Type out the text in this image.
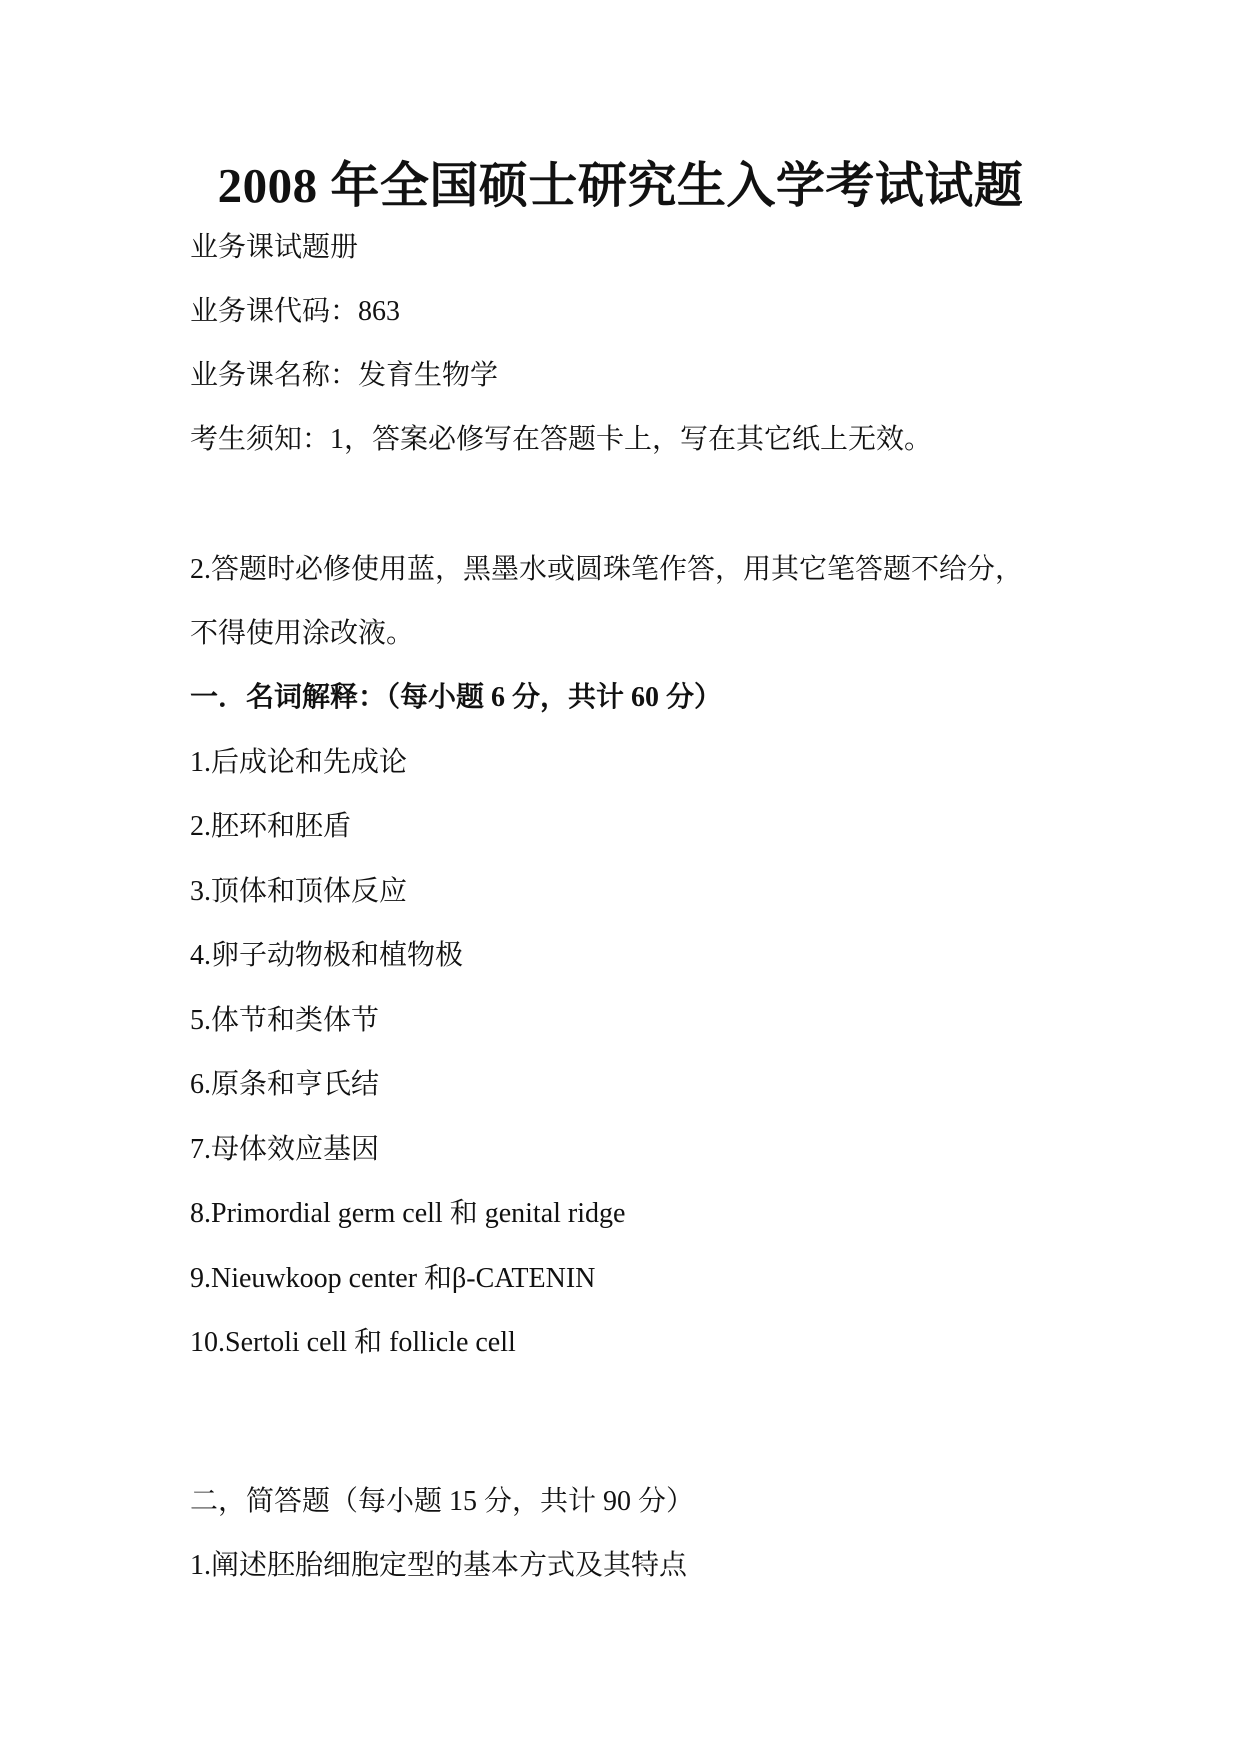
2008 年全国硕士研究生入学考试试题
业务课试题册
业务课代码：863
业务课名称：发育生物学
考生须知：1，答案必修写在答题卡上，写在其它纸上无效。
2.答题时必修使用蓝，黑墨水或圆珠笔作答，用其它笔答题不给分，
不得使用涂改液。
一．名词解释：（每小题 6 分，共计 60 分）
1.后成论和先成论
2.胚环和胚盾
3.顶体和顶体反应
4.卵子动物极和植物极
5.体节和类体节
6.原条和亨氏结
7.母体效应基因
8.Primordial germ cell 和 genital ridge
9.Nieuwkoop center 和β-CATENIN
10.Sertoli cell 和 follicle cell
二，简答题（每小题 15 分，共计 90 分）
1.阐述胚胎细胞定型的基本方式及其特点
